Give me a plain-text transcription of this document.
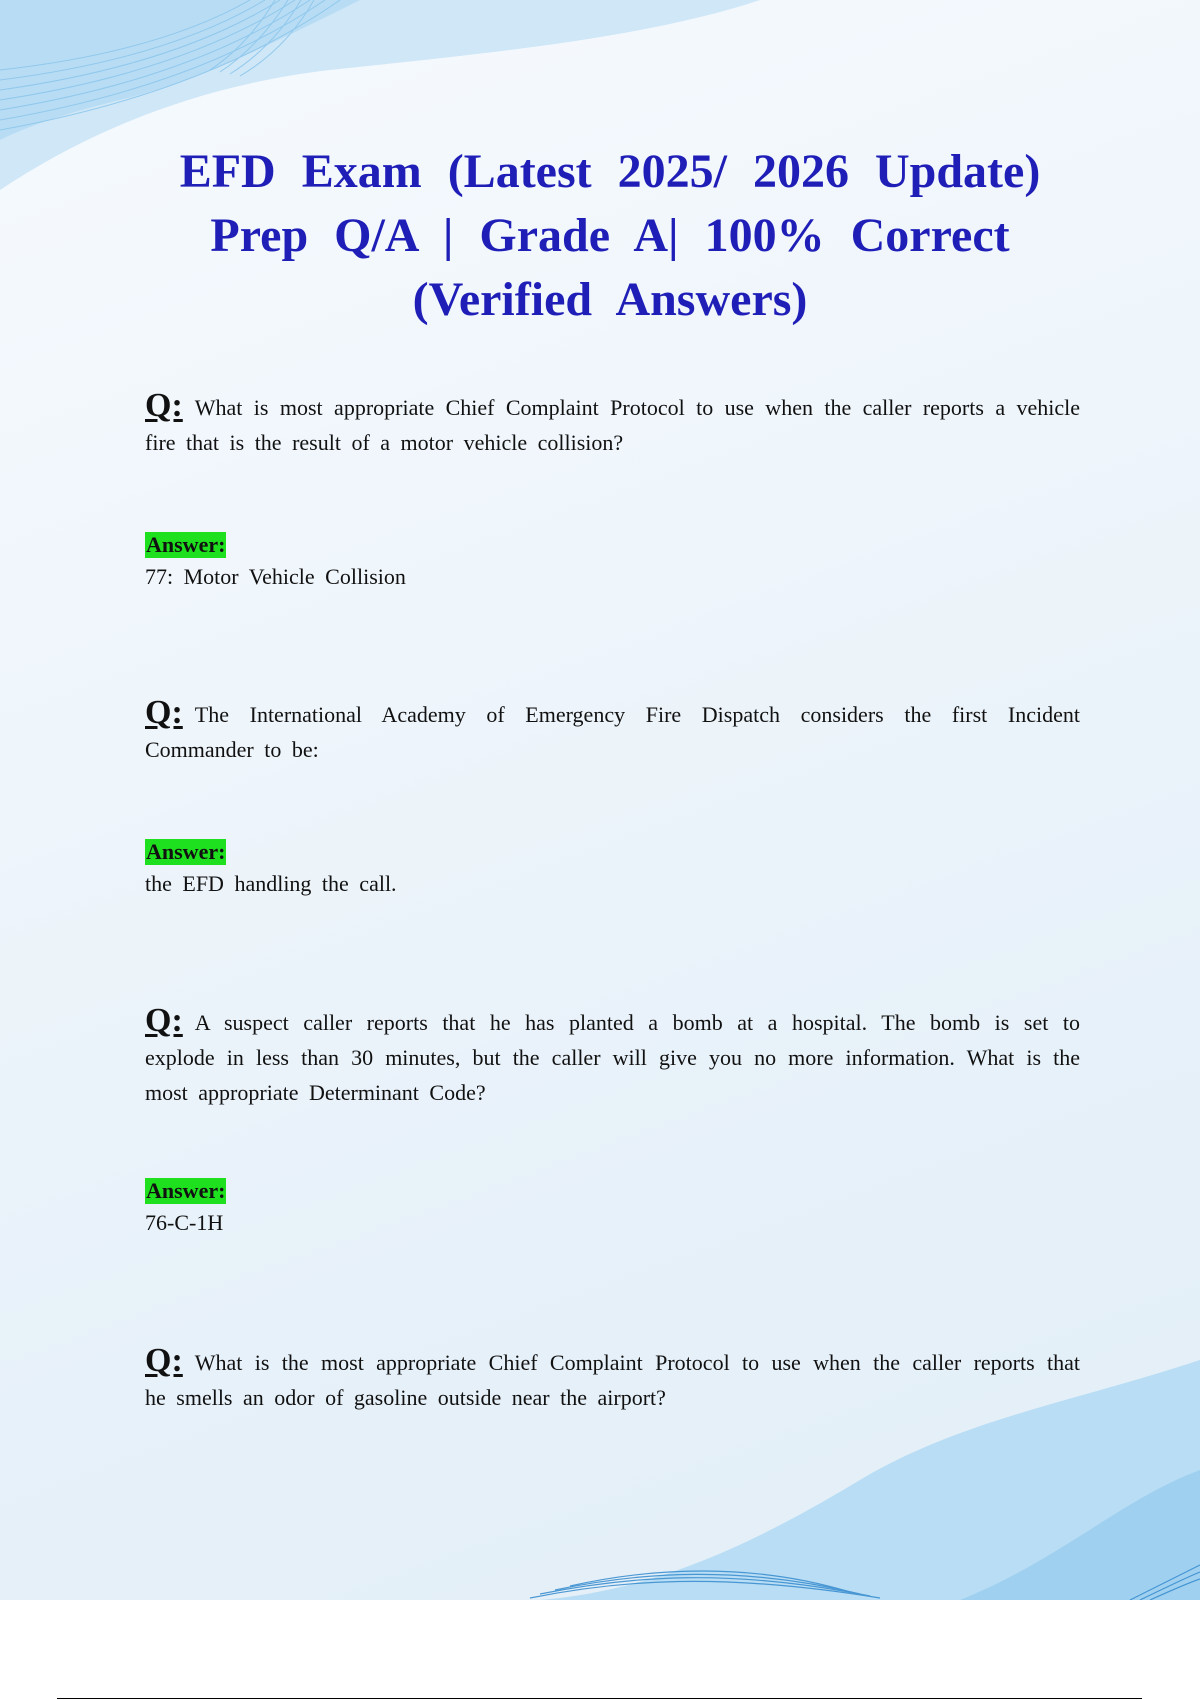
EFD Exam (Latest 2025/ 2026 Update) Prep Q/A | Grade A| 100% Correct (Verified Answers)

Q: What is most appropriate Chief Complaint Protocol to use when the caller reports a vehicle fire that is the result of a motor vehicle collision?

Answer:

77: Motor Vehicle Collision

Q: The International Academy of Emergency Fire Dispatch considers the first Incident Commander to be:

Answer:

the EFD handling the call.

Q: A suspect caller reports that he has planted a bomb at a hospital. The bomb is set to explode in less than 30 minutes, but the caller will give you no more information. What is the most appropriate Determinant Code?

Answer:

76-C-1H

Q: What is the most appropriate Chief Complaint Protocol to use when the caller reports that he smells an odor of gasoline outside near the airport?
